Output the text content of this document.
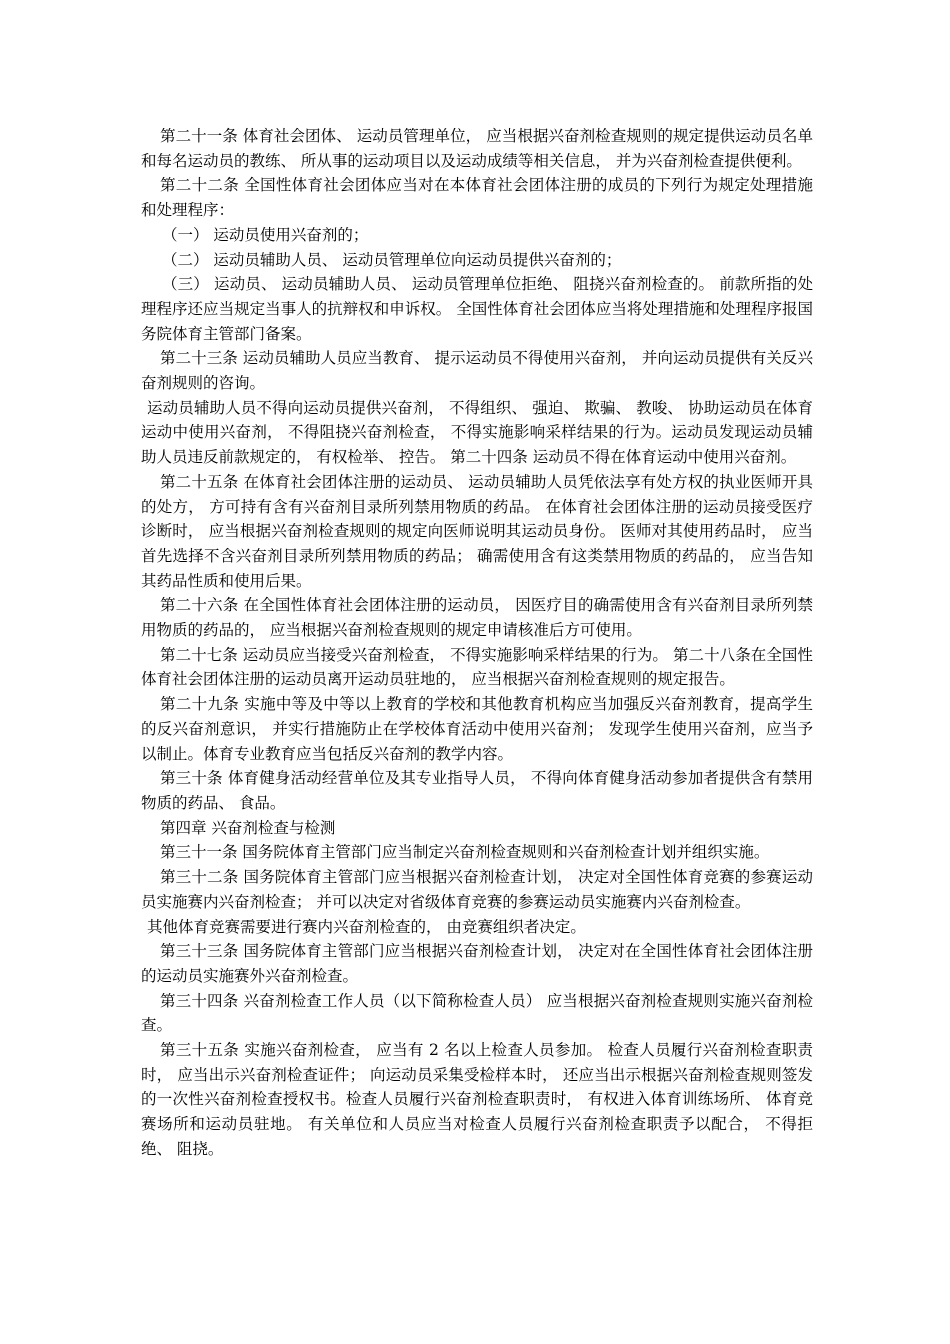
第二十一条 体育社会团体、 运动员管理单位， 应当根据兴奋剂检查规则的规定提供运动员名单和每名运动员的教练、 所从事的运动项目以及运动成绩等相关信息， 并为兴奋剂检查提供便利。

第二十二条 全国性体育社会团体应当对在本体育社会团体注册的成员的下列行为规定处理措施和处理程序：

（一） 运动员使用兴奋剂的；

（二） 运动员辅助人员、 运动员管理单位向运动员提供兴奋剂的；

（三） 运动员、 运动员辅助人员、 运动员管理单位拒绝、 阻挠兴奋剂检查的。 前款所指的处理程序还应当规定当事人的抗辩权和申诉权。 全国性体育社会团体应当将处理措施和处理程序报国务院体育主管部门备案。

第二十三条 运动员辅助人员应当教育、 提示运动员不得使用兴奋剂， 并向运动员提供有关反兴奋剂规则的咨询。

运动员辅助人员不得向运动员提供兴奋剂， 不得组织、 强迫、 欺骗、 教唆、 协助运动员在体育运动中使用兴奋剂， 不得阻挠兴奋剂检查， 不得实施影响采样结果的行为。运动员发现运动员辅助人员违反前款规定的， 有权检举、 控告。 第二十四条 运动员不得在体育运动中使用兴奋剂。

第二十五条 在体育社会团体注册的运动员、 运动员辅助人员凭依法享有处方权的执业医师开具的处方， 方可持有含有兴奋剂目录所列禁用物质的药品。 在体育社会团体注册的运动员接受医疗诊断时， 应当根据兴奋剂检查规则的规定向医师说明其运动员身份。 医师对其使用药品时， 应当首先选择不含兴奋剂目录所列禁用物质的药品； 确需使用含有这类禁用物质的药品的， 应当告知其药品性质和使用后果。

第二十六条 在全国性体育社会团体注册的运动员， 因医疗目的确需使用含有兴奋剂目录所列禁用物质的药品的， 应当根据兴奋剂检查规则的规定申请核准后方可使用。

第二十七条 运动员应当接受兴奋剂检查， 不得实施影响采样结果的行为。 第二十八条在全国性体育社会团体注册的运动员离开运动员驻地的， 应当根据兴奋剂检查规则的规定报告。

第二十九条 实施中等及中等以上教育的学校和其他教育机构应当加强反兴奋剂教育，提高学生的反兴奋剂意识， 并实行措施防止在学校体育活动中使用兴奋剂； 发现学生使用兴奋剂，应当予以制止。体育专业教育应当包括反兴奋剂的教学内容。

第三十条 体育健身活动经营单位及其专业指导人员， 不得向体育健身活动参加者提供含有禁用物质的药品、 食品。

第四章 兴奋剂检查与检测

第三十一条 国务院体育主管部门应当制定兴奋剂检查规则和兴奋剂检查计划并组织实施。

第三十二条 国务院体育主管部门应当根据兴奋剂检查计划， 决定对全国性体育竞赛的参赛运动员实施赛内兴奋剂检查； 并可以决定对省级体育竞赛的参赛运动员实施赛内兴奋剂检查。

其他体育竞赛需要进行赛内兴奋剂检查的， 由竞赛组织者决定。

第三十三条 国务院体育主管部门应当根据兴奋剂检查计划， 决定对在全国性体育社会团体注册的运动员实施赛外兴奋剂检查。

第三十四条 兴奋剂检查工作人员（以下简称检查人员） 应当根据兴奋剂检查规则实施兴奋剂检查。

第三十五条 实施兴奋剂检查， 应当有 2 名以上检查人员参加。 检查人员履行兴奋剂检查职责时， 应当出示兴奋剂检查证件； 向运动员采集受检样本时， 还应当出示根据兴奋剂检查规则签发的一次性兴奋剂检查授权书。检查人员履行兴奋剂检查职责时， 有权进入体育训练场所、 体育竞赛场所和运动员驻地。 有关单位和人员应当对检查人员履行兴奋剂检查职责予以配合， 不得拒绝、 阻挠。
